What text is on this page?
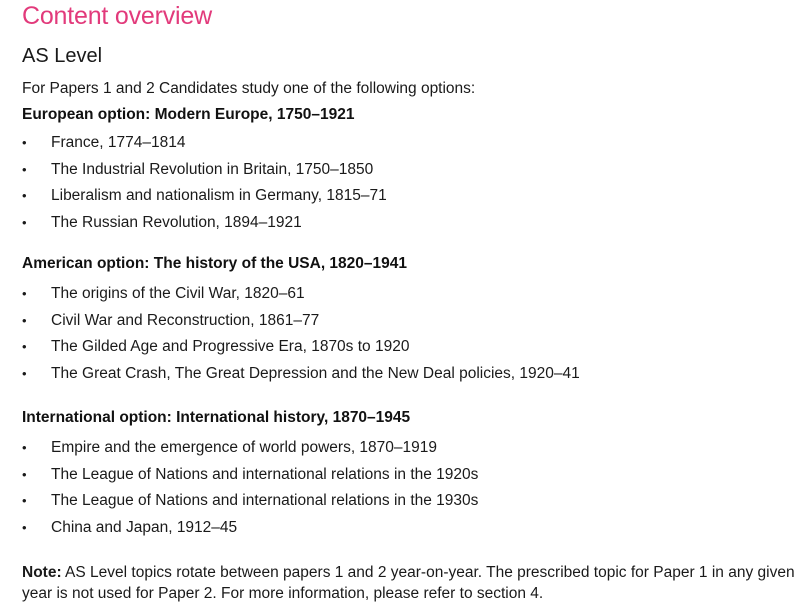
Content overview
AS Level

For Papers 1 and 2 Candidates study one of the following options:

European option: Modern Europe, 1750–1921
• France, 1774–1814
• The Industrial Revolution in Britain, 1750–1850
• Liberalism and nationalism in Germany, 1815–71
• The Russian Revolution, 1894–1921
American option: The history of the USA, 1820–1941
• The origins of the Civil War, 1820–61
• Civil War and Reconstruction, 1861–77
• The Gilded Age and Progressive Era, 1870s to 1920
• The Great Crash, The Great Depression and the New Deal policies, 1920–41
International option: International history, 1870–1945
• Empire and the emergence of world powers, 1870–1919
• The League of Nations and international relations in the 1920s
• The League of Nations and international relations in the 1930s
• China and Japan, 1912–45

Note: AS Level topics rotate between papers 1 and 2 year-on-year. The prescribed topic for Paper 1 in any given year is not used for Paper 2. For more information, please refer to section 4.
